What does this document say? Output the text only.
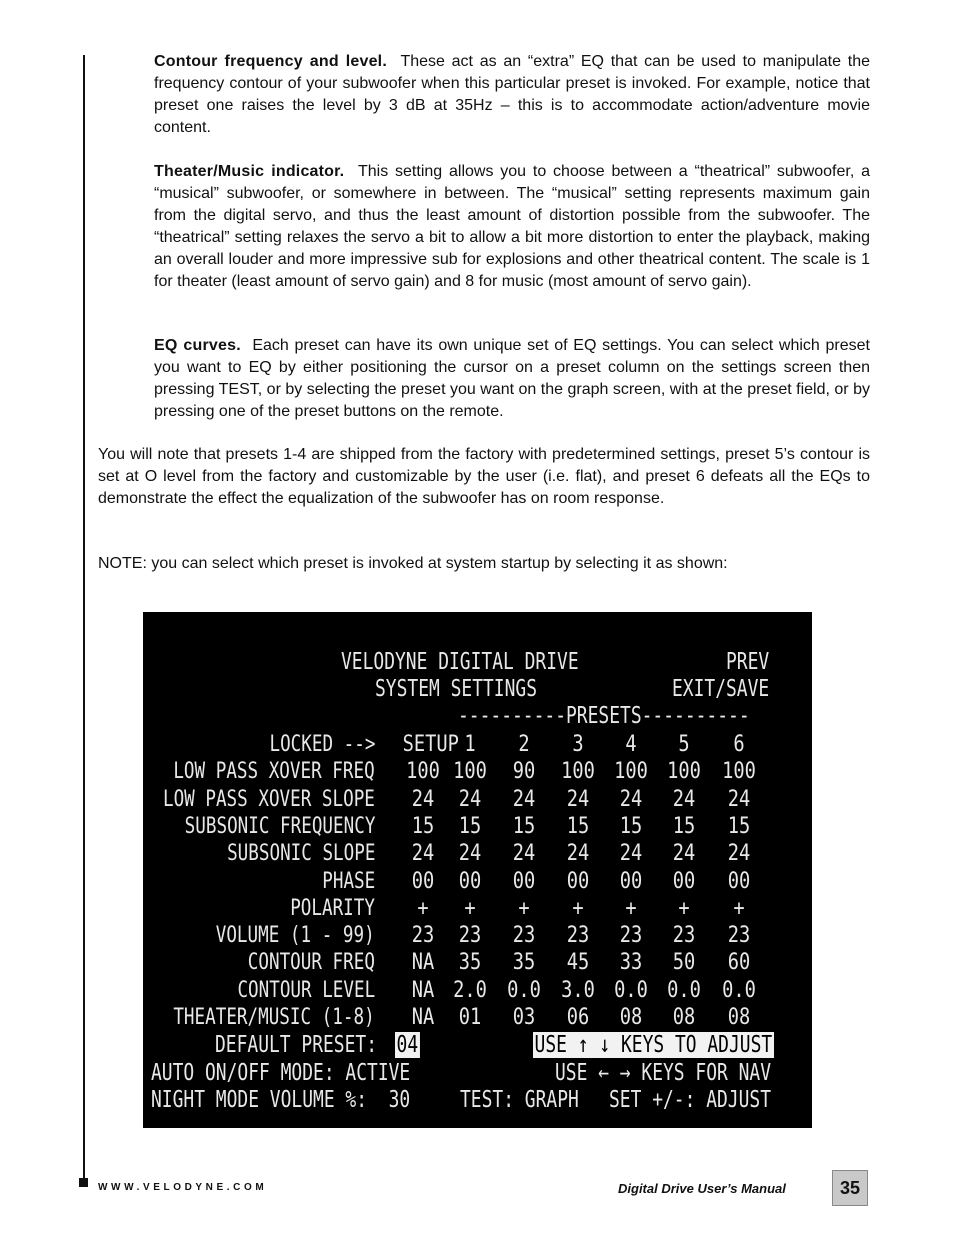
Contour frequency and level. These act as an “extra” EQ that can be used to manipulate the frequency contour of your subwoofer when this particular preset is invoked. For example, notice that preset one raises the level by 3 dB at 35Hz – this is to accommodate action/adventure movie content.

Theater/Music indicator. This setting allows you to choose between a “theatrical” subwoofer, a “musical” subwoofer, or somewhere in between. The “musical” setting represents maximum gain from the digital servo, and thus the least amount of distortion possible from the subwoofer. The “theatrical” setting relaxes the servo a bit to allow a bit more distortion to enter the playback, making an overall louder and more impressive sub for explosions and other theatrical content. The scale is 1 for theater (least amount of servo gain) and 8 for music (most amount of servo gain).

EQ curves. Each preset can have its own unique set of EQ settings. You can select which preset you want to EQ by either positioning the cursor on a preset column on the settings screen then pressing TEST, or by selecting the preset you want on the graph screen, with at the preset field, or by pressing one of the preset buttons on the remote.

You will note that presets 1-4 are shipped from the factory with predetermined settings, preset 5’s contour is set at O level from the factory and customizable by the user (i.e. flat), and preset 6 defeats all the EQs to demonstrate the effect the equalization of the subwoofer has on room response.

NOTE: you can select which preset is invoked at system startup by selecting it as shown:

VELODYNE DIGITAL DRIVE
SYSTEM SETTINGS
PREV
EXIT/SAVE
----------PRESETS----------
LOCKED --> SETUP 1	2	3	4	5	6
LOW PASS XOVER FREQ 100 100	90	100 100 100 100
LOW PASS XOVER SLOPE	24	24	24	24	24	24	24
SUBSONIC FREQUENCY	15	15	15	15	15	15	15
SUBSONIC SLOPE	24	24	24	24	24	24	24
PHASE	00	00	00	00	00	00	00
POLARITY	+	+	+	+	+	+	+
VOLUME (1 - 99)	23	23	23	23	23	23	23
CONTOUR FREQ	NA	35	35	45	33	50	60
CONTOUR LEVEL	NA 2.0 0.0 3.0 0.0 0.0 0.0
THEATER/MUSIC (1-8)	NA	01	03	06	08	08	08
DEFAULT PRESET: 04	USE ↑ ↓ KEYS TO ADJUST
AUTO ON/OFF MODE: ACTIVE	USE ← → KEYS FOR NAV
NIGHT MODE VOLUME %:  30 TEST: GRAPH SET +/-: ADJUST
WWW.VELODYNE.COM	Digital Drive User’s Manual	35
